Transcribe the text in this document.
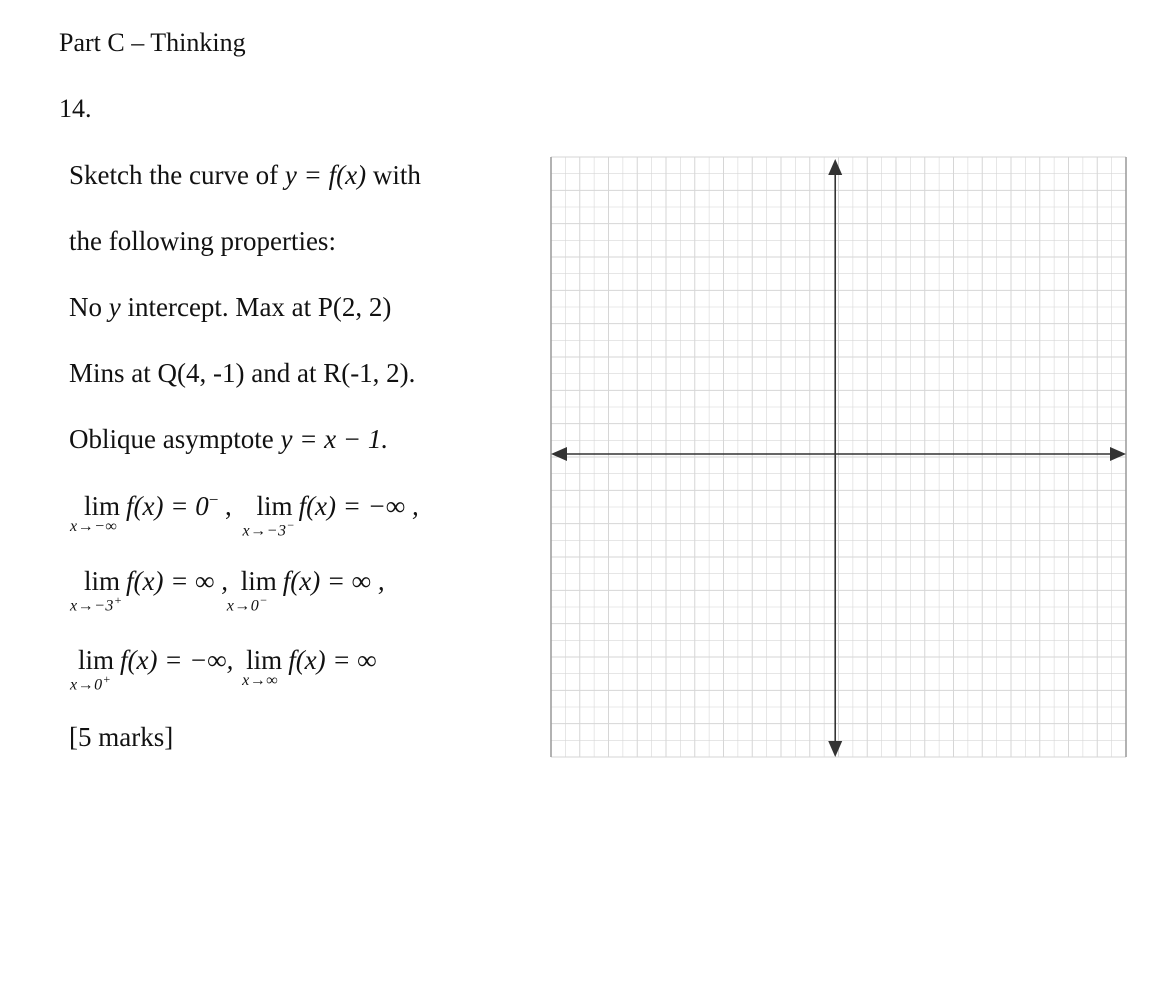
Part C – Thinking
14.
Sketch the curve of y = f(x) with
the following properties:
No y intercept. Max at P(2, 2)
Mins at Q(4, -1) and at R(-1, 2).
Oblique asymptote y = x − 1.
lim
x→−∞
f(x) = 0− , lim
x→−3−
f(x) = −∞ ,
lim
x→−3+
f(x) = ∞ , lim
x→0−
f(x) = ∞ ,
lim
x→0+
f(x) = −∞, lim
x→∞
f(x) = ∞
[5 marks]
